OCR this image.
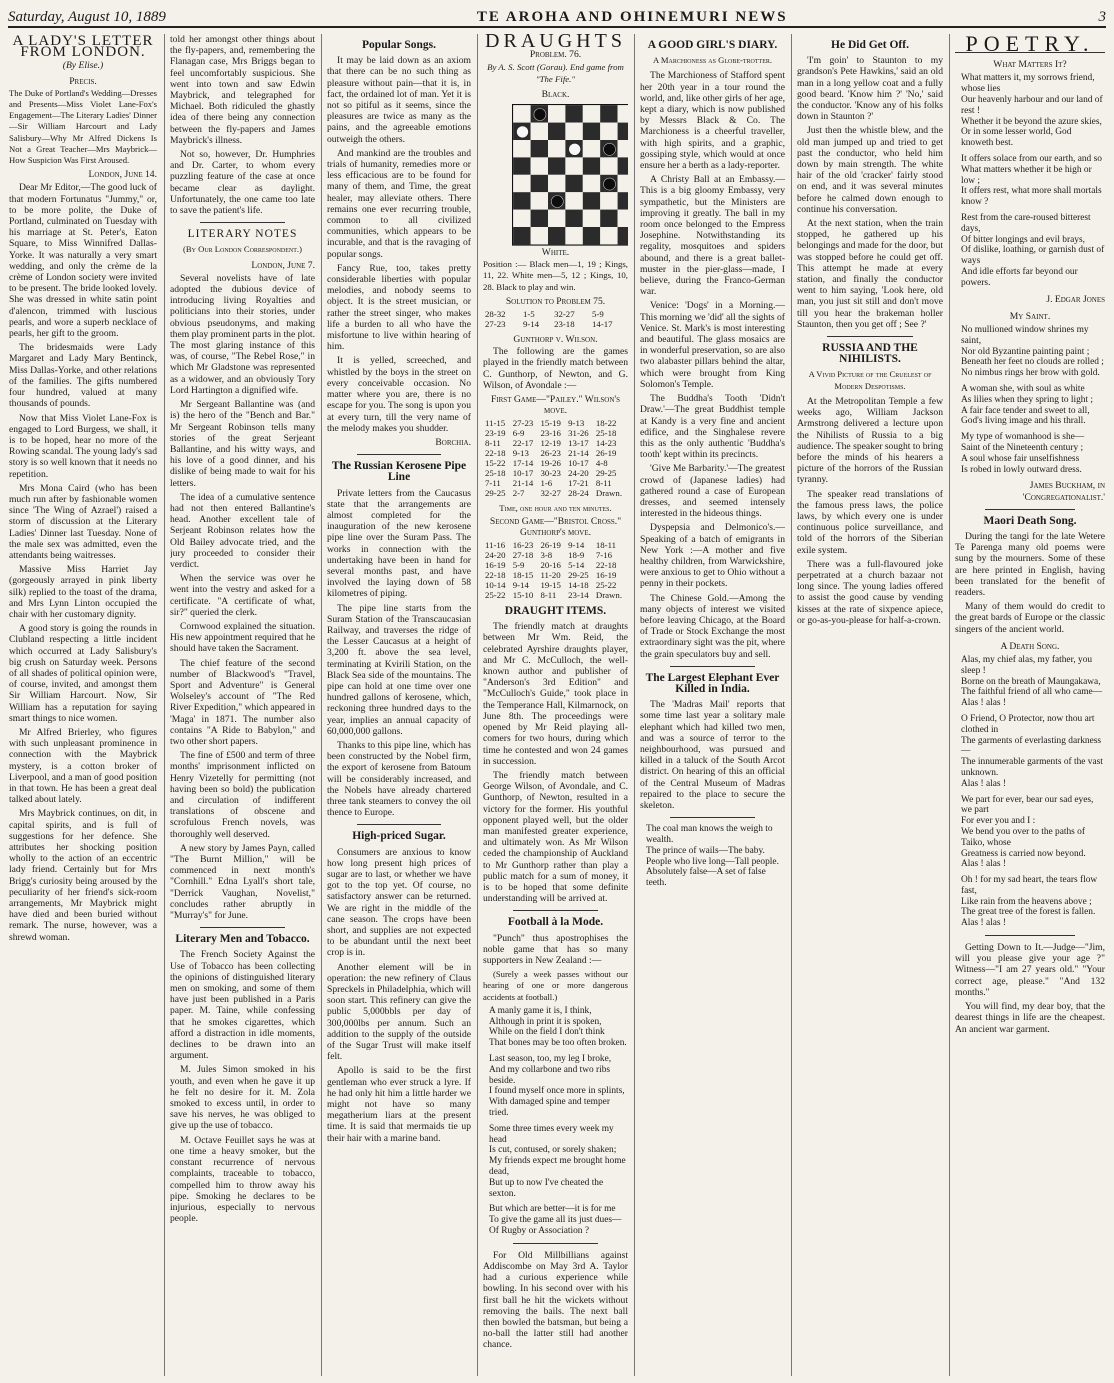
Saturday, August 10, 1889	TE AROHA AND OHINEMURI NEWS	3
A LADY'S LETTER FROM LONDON.
(By Elise.)
Precis.

The Duke of Portland's Wedding—Dresses and Presents—Miss Violet Lane-Fox's Engagement—The Literary Ladies' Dinner—Sir William Harcourt and Lady Salisbury—Why Mr Alfred Dickens Is Not a Great Teacher—Mrs Maybrick—How Suspicion Was First Aroused.

London, June 14.

Dear Mr Editor,—The good luck of that modern Fortunatus "Jummy," or, to be more polite, the Duke of Portland, culminated on Tuesday with his marriage at St. Peter's, Eaton Square, to Miss Winnifred Dallas-Yorke. It was naturally a very smart wedding, and only the crème de la crème of London society were invited to be present. The bride looked lovely. She was dressed in white satin point d'alencon, trimmed with luscious pearls, and wore a superb necklace of pearls, her gift to the groom.

The bridesmaids were Lady Margaret and Lady Mary Bentinck, Miss Dallas-Yorke, and other relations of the families. The gifts numbered four hundred, valued at many thousands of pounds.

Now that Miss Violet Lane-Fox is engaged to Lord Burgess, we shall, it is to be hoped, hear no more of the Rowing scandal. The young lady's sad story is so well known that it needs no repetition.

Mrs Mona Caird (who has been much run after by fashionable women since 'The Wing of Azrael') raised a storm of discussion at the Literary Ladies' Dinner last Tuesday. None of the male sex was admitted, even the attendants being waitresses.

Massive Miss Harriet Jay (gorgeously arrayed in pink liberty silk) replied to the toast of the drama, and Mrs Lynn Linton occupied the chair with her customary dignity.

A good story is going the rounds in Clubland respecting a little incident which occurred at Lady Salisbury's big crush on Saturday week. Persons of all shades of political opinion were, of course, invited, and amongst them Sir William Harcourt. Now, Sir William has a reputation for saying smart things to nice women.

Mr Alfred Brierley, who figures with such unpleasant prominence in connection with the Maybrick mystery, is a cotton broker of Liverpool, and a man of good position in that town. He has been a great deal talked about lately.

Mrs Maybrick continues, on dit, in capital spirits, and is full of suggestions for her defence. She attributes her shocking position wholly to the action of an eccentric lady friend. Certainly but for Mrs Brigg's curiosity being aroused by the peculiarity of her friend's sick-room arrangements, Mr Maybrick might have died and been buried without remark. The nurse, however, was a shrewd woman.

told her amongst other things about the fly-papers, and, remembering the Flanagan case, Mrs Briggs began to feel uncomfortably suspicious. She went into town and saw Edwin Maybrick, and telegraphed for Michael. Both ridiculed the ghastly idea of there being any connection between the fly-papers and James Maybrick's illness.

Not so, however, Dr. Humphries and Dr. Carter, to whom every puzzling feature of the case at once became clear as daylight. Unfortunately, the one came too late to save the patient's life.

LITERARY NOTES
(By Our London Correspondent.)
London, June 7.

Several novelists have of late adopted the dubious device of introducing living Royalties and politicians into their stories, under obvious pseudonyms, and making them play prominent parts in the plot. The most glaring instance of this was, of course, "The Rebel Rose," in which Mr Gladstone was represented as a widower, and an obviously Tory Lord Hartington a dignified wife.

Mr Sergeant Ballantine was (and is) the hero of the "Bench and Bar." Mr Sergeant Robinson tells many stories of the great Serjeant Ballantine, and his witty ways, and his love of a good dinner, and his dislike of being made to wait for his letters.

The idea of a cumulative sentence had not then entered Ballantine's head. Another excellent tale of Serjeant Robinson relates how the Old Bailey advocate tried, and the jury proceeded to consider their verdict.

When the service was over he went into the vestry and asked for a certificate. "A certificate of what, sir?" queried the clerk.

Cornwood explained the situation. His new appointment required that he should have taken the Sacrament.

The chief feature of the second number of Blackwood's "Travel, Sport and Adventure" is General Wolseley's account of "The Red River Expedition," which appeared in 'Maga' in 1871. The number also contains "A Ride to Babylon," and two other short papers.

The fine of £500 and term of three months' imprisonment inflicted on Henry Vizetelly for permitting (not having been so bold) the publication and circulation of indifferent translations of obscene and scrofulous French novels, was thoroughly well deserved.

A new story by James Payn, called "The Burnt Million," will be commenced in next month's "Cornhill." Edna Lyall's short tale, "Derrick Vaughan, Novelist," concludes rather abruptly in "Murray's" for June.

Literary Men and Tobacco.

The French Society Against the Use of Tobacco has been collecting the opinions of distinguished literary men on smoking, and some of them have just been published in a Paris paper. M. Taine, while confessing that he smokes cigarettes, which afford a distraction in idle moments, declines to be drawn into an argument.

M. Jules Simon smoked in his youth, and even when he gave it up he felt no desire for it. M. Zola smoked to excess until, in order to save his nerves, he was obliged to give up the use of tobacco.

M. Octave Feuillet says he was at one time a heavy smoker, but the constant recurrence of nervous complaints, traceable to tobacco, compelled him to throw away his pipe. Smoking he declares to be injurious, especially to nervous people.

Popular Songs.

It may be laid down as an axiom that there can be no such thing as pleasure without pain—that it is, in fact, the ordained lot of man. Yet it is not so pitiful as it seems, since the pleasures are twice as many as the pains, and the agreeable emotions outweigh the others.

And mankind are the troubles and trials of humanity, remedies more or less efficacious are to be found for many of them, and Time, the great healer, may alleviate others. There remains one ever recurring trouble, common to all civilized communities, which appears to be incurable, and that is the ravaging of popular songs.

Fancy Rue, too, takes pretty considerable liberties with popular melodies, and nobody seems to object. It is the street musician, or rather the street singer, who makes life a burden to all who have the misfortune to live within hearing of him.

It is yelled, screeched, and whistled by the boys in the street on every conceivable occasion. No matter where you are, there is no escape for you. The song is upon you at every turn, till the very name of the melody makes you shudder.

Borchia.
The Russian Kerosene Pipe Line

Private letters from the Caucasus state that the arrangements are almost completed for the inauguration of the new kerosene pipe line over the Suram Pass. The works in connection with the undertaking have been in hand for several months past, and have involved the laying down of 58 kilometres of piping.

The pipe line starts from the Suram Station of the Transcaucasian Railway, and traverses the ridge of the Lesser Caucasus at a height of 3,200 ft. above the sea level, terminating at Kvirili Station, on the Black Sea side of the mountains. The pipe can hold at one time over one hundred gallons of kerosene, which, reckoning three hundred days to the year, implies an annual capacity of 60,000,000 gallons.

Thanks to this pipe line, which has been constructed by the Nobel firm, the export of kerosene from Batoum will be considerably increased, and the Nobels have already chartered three tank steamers to convey the oil thence to Europe.

High-priced Sugar.

Consumers are anxious to know how long present high prices of sugar are to last, or whether we have got to the top yet. Of course, no satisfactory answer can be returned. We are right in the middle of the cane season. The crops have been short, and supplies are not expected to be abundant until the next beet crop is in.

Another element will be in operation: the new refinery of Claus Spreckels in Philadelphia, which will soon start. This refinery can give the public 5,000bbls per day of 300,000lbs per annum. Such an addition to the supply of the outside of the Sugar Trust will make itself felt.

Apollo is said to be the first gentleman who ever struck a lyre. If he had only hit him a little harder we might not have so many megatherium liars at the present time. It is said that mermaids tie up their hair with a marine band.

DRAUGHTS
Problem. 76.
By A. S. Scott (Gorau). End game from "The Fife."
Black.
White.

Position :— Black men—1, 19 ; Kings, 11, 22. White men—5, 12 ; Kings, 10, 28. Black to play and win.

Solution to Problem 75.
28-32	1-5	32-27	5-9
27-23	9-14	23-18	14-17
Gunthorp v. Wilson.

The following are the games played in the friendly match between C. Gunthorp, of Newton, and G. Wilson, of Avondale :—

First Game—"Pailey." Wilson's move.
11-15	27-23	15-19	9-13	18-22
23-19	6-9	23-16	31-26	25-18
8-11	22-17	12-19	13-17	14-23
22-18	9-13	26-23	21-14	26-19
15-22	17-14	19-26	10-17	4-8
25-18	10-17	30-23	24-20	29-25
7-11	21-14	1-6	17-21	8-11
29-25	2-7	32-27	28-24	Drawn.
Time, one hour and ten minutes.
Second Game—"Bristol Cross." Gunthorp's move.
11-16	16-23	26-19	9-14	18-11
24-20	27-18	3-8	18-9	7-16
16-19	5-9	20-16	5-14	22-18
22-18	18-15	11-20	29-25	16-19
10-14	9-14	19-15	14-18	25-22
25-22	15-10	8-11	23-14	Drawn.
DRAUGHT ITEMS.

The friendly match at draughts between Mr Wm. Reid, the celebrated Ayrshire draughts player, and Mr C. McCulloch, the well-known author and publisher of "Anderson's 3rd Edition" and "McCulloch's Guide," took place in the Temperance Hall, Kilmarnock, on June 8th. The proceedings were opened by Mr Reid playing all-comers for two hours, during which time he contested and won 24 games in succession.

The friendly match between George Wilson, of Avondale, and C. Gunthorp, of Newton, resulted in a victory for the former. His youthful opponent played well, but the older man manifested greater experience, and ultimately won. As Mr Wilson ceded the championship of Auckland to Mr Gunthorp rather than play a public match for a sum of money, it is to be hoped that some definite understanding will be arrived at.

Football à la Mode.

"Punch" thus apostrophises the noble game that has so many supporters in New Zealand :—

(Surely a week passes without our hearing of one or more dangerous accidents at football.)

A manly game it is, I think,
Although in print it is spoken,
While on the field I don't think
That bones may be too often broken.
Last season, too, my leg I broke,
And my collarbone and two ribs beside.
I found myself once more in splints,
With damaged spine and temper tried.
Some three times every week my head
Is cut, contused, or sorely shaken;
My friends expect me brought home dead,
But up to now I've cheated the sexton.
But which are better—it is for me
To give the game all its just dues—
Of Rugby or Association ?

For Old Millbillians against Addiscombe on May 3rd A. Taylor had a curious experience while bowling. In his second over with his first ball he hit the wickets without removing the bails. The next ball then bowled the batsman, but being a no-ball the latter still had another chance.

A GOOD GIRL'S DIARY.
A Marchioness as Globe-trotter.

The Marchioness of Stafford spent her 20th year in a tour round the world, and, like other girls of her age, kept a diary, which is now published by Messrs Black & Co. The Marchioness is a cheerful traveller, with high spirits, and a graphic, gossiping style, which would at once ensure her a berth as a lady-reporter.

A Christy Ball at an Embassy.—This is a big gloomy Embassy, very sympathetic, but the Ministers are improving it greatly. The ball in my room once belonged to the Empress Josephine. Notwithstanding its regality, mosquitoes and spiders abound, and there is a great ballet-muster in the pier-glass—made, I believe, during the Franco-German war.

Venice: 'Dogs' in a Morning.—This morning we 'did' all the sights of Venice. St. Mark's is most interesting and beautiful. The glass mosaics are in wonderful preservation, so are also two alabaster pillars behind the altar, which were brought from King Solomon's Temple.

The Buddha's Tooth 'Didn't Draw.'—The great Buddhist temple at Kandy is a very fine and ancient edifice, and the Singhalese revere this as the only authentic 'Buddha's tooth' kept within its precincts.

'Give Me Barbarity.'—The greatest crowd of (Japanese ladies) had gathered round a case of European dresses, and seemed intensely interested in the hideous things.

Dyspepsia and Delmonico's.—Speaking of a batch of emigrants in New York :—A mother and five healthy children, from Warwickshire, were anxious to get to Ohio without a penny in their pockets.

The Chinese Gold.—Among the many objects of interest we visited before leaving Chicago, at the Board of Trade or Stock Exchange the most extraordinary sight was the pit, where the grain speculators buy and sell.

The Largest Elephant Ever Killed in India.

The 'Madras Mail' reports that some time last year a solitary male elephant which had killed two men, and was a source of terror to the neighbourhood, was pursued and killed in a taluck of the South Arcot district. On hearing of this an official of the Central Museum of Madras repaired to the place to secure the skeleton.

The coal man knows the weigh to wealth.
The prince of wails—The baby.
People who live long—Tall people.
Absolutely false—A set of false teeth.
He Did Get Off.

'I'm goin' to Staunton to my grandson's Pete Hawkins,' said an old man in a long yellow coat and a fully good beard. 'Know him ?' 'No,' said the conductor. 'Know any of his folks down in Staunton ?'

Just then the whistle blew, and the old man jumped up and tried to get past the conductor, who held him down by main strength. The white hair of the old 'cracker' fairly stood on end, and it was several minutes before he calmed down enough to continue his conversation.

At the next station, when the train stopped, he gathered up his belongings and made for the door, but was stopped before he could get off. This attempt he made at every station, and finally the conductor went to him saying, 'Look here, old man, you just sit still and don't move till you hear the brakeman holler Staunton, then you get off ; See ?'

RUSSIA AND THE NIHILISTS.
A Vivid Picture of the Cruelest of Modern Despotisms.

At the Metropolitan Temple a few weeks ago, William Jackson Armstrong delivered a lecture upon the Nihilists of Russia to a big audience. The speaker sought to bring before the minds of his hearers a picture of the horrors of the Russian tyranny.

The speaker read translations of the famous press laws, the police laws, by which every one is under continuous police surveillance, and told of the horrors of the Siberian exile system.

There was a full-flavoured joke perpetrated at a church bazaar not long since. The young ladies offered to assist the good cause by vending kisses at the rate of sixpence apiece, or go-as-you-please for half-a-crown.

POETRY.
What Matters It?
What matters it, my sorrows friend, whose lies
Our heavenly harbour and our land of rest !
Whether it be beyond the azure skies,
Or in some lesser world, God knoweth best.
It offers solace from our earth, and so
What matters whether it be high or low ;
It offers rest, what more shall mortals know ?
Rest from the care-roused bitterest days,
Of bitter longings and evil brays,
Of dislike, loathing, or garnish dust of ways
And idle efforts far beyond our powers.
J. Edgar Jones
My Saint.
No mullioned window shrines my saint,
Nor old Byzantine painting paint ;
Beneath her feet no clouds are rolled ;
No nimbus rings her brow with gold.
A woman she, with soul as white
As lilies when they spring to light ;
A fair face tender and sweet to all,
God's living image and his thrall.
My type of womanhood is she—
Saint of the Nineteenth century ;
A soul whose fair unselfishness
Is robed in lowly outward dress.
James Buckham, in 'Congregationalist.'
Maori Death Song.

During the tangi for the late Wetere Te Parenga many old poems were sung by the mourners. Some of these are here printed in English, having been translated for the benefit of readers.

Many of them would do credit to the great bards of Europe or the classic singers of the ancient world.

A Death Song.
Alas, my chief alas, my father, you sleep !
Borne on the breath of Maungakawa,
The faithful friend of all who came—
Alas ! alas !
O Friend, O Protector, now thou art clothed in
The garments of everlasting darkness—
The innumerable garments of the vast unknown.
Alas ! alas !
We part for ever, bear our sad eyes, we part
For ever you and I :
We bend you over to the paths of Taiko, whose
Greatness is carried now beyond.
Alas ! alas !
Oh ! for my sad heart, the tears flow fast,
Like rain from the heavens above ;
The great tree of the forest is fallen.
Alas ! alas !

Getting Down to It.—Judge—"Jim, will you please give your age ?" Witness—"I am 27 years old." "Your correct age, please." "And 132 months."

You will find, my dear boy, that the dearest things in life are the cheapest. An ancient war garment.
